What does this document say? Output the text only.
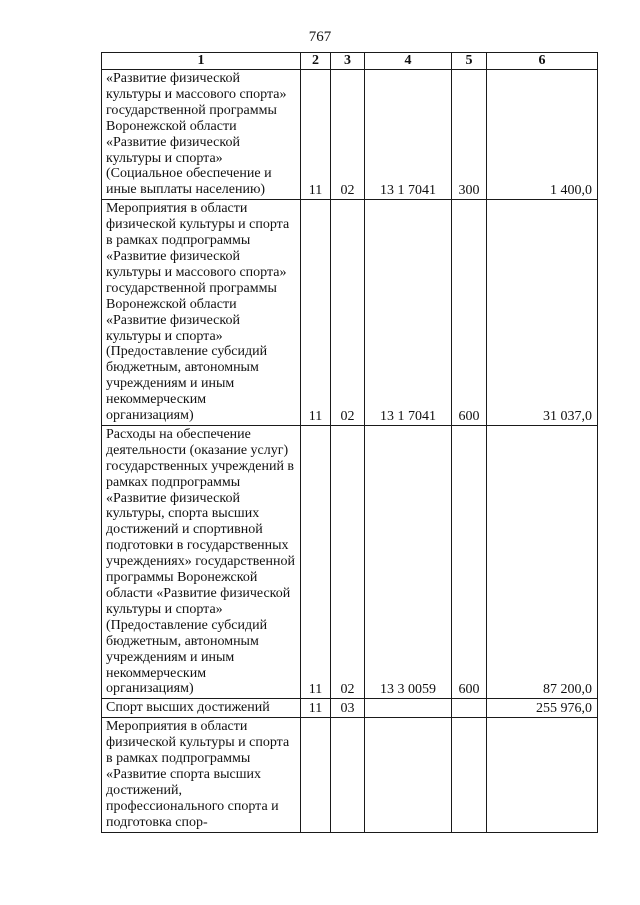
767
1	2	3	4	5	6
«Развитие физической культуры и массового спорта» государственной программы Воронежской области «Развитие физической культуры и спорта» (Социальное обеспечение и иные выплаты населению)	11	02	13 1 7041	300	1 400,0
Мероприятия в области физической культуры и спорта в рамках подпрограммы «Развитие физической культуры и массового спорта» государственной программы Воронежской области «Развитие физической культуры и спорта» (Предоставление субсидий бюджетным, автономным учреждениям и иным некоммерческим организациям)	11	02	13 1 7041	600	31 037,0
Расходы на обеспечение деятельности (оказание услуг) государственных учреждений в рамках подпрограммы «Развитие физической культуры, спорта высших достижений и спортивной подготовки в государственных учреждениях» государственной программы Воронежской области «Развитие физической культуры и спорта» (Предоставление субсидий бюджетным, автономным учреждениям и иным некоммерческим организациям)	11	02	13 3 0059	600	87 200,0
Спорт высших достижений	11	03			255 976,0
Мероприятия в области физической культуры и спорта в рамках подпрограммы «Развитие спорта высших достижений, профессионального спорта и подготовка спор-					
